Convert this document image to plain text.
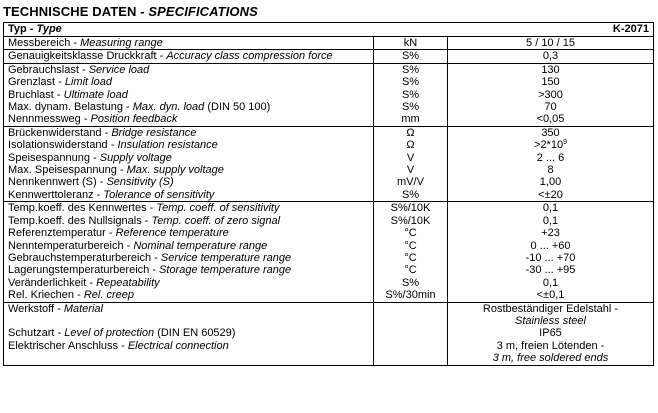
TECHNISCHE DATEN - SPECIFICATIONS
Typ - Type		K-2071
Messbereich - Measuring range	kN	5 / 10 / 15
Genauigkeitsklasse Druckkraft - Accuracy class compression force	S%	0,3
Gebrauchslast - Service load	S%	130
Grenzlast - Limit load	S%	150
Bruchlast - Ultimate load	S%	>300
Max. dynam. Belastung - Max. dyn. load (DIN 50 100)	S%	70
Nennmessweg - Position feedback	mm	<0,05
Brückenwiderstand - Bridge resistance	Ω	350
Isolationswiderstand - Insulation resistance	Ω	$>2*10^9$
Speisespannung - Supply voltage	V	2 ... 6
Max. Speisespannung - Max. supply voltage	V	8
Nennkennwert (S) - Sensitivity (S)	mV/V	1,00
Kennwerttoleranz - Tolerance of sensitivity	S%	<±20
Temp.koeff. des Kennwertes - Temp. coeff. of sensitivity	S%/10K	0,1
Temp.koeff. des Nullsignals - Temp. coeff. of zero signal	S%/10K	0,1
Referenztemperatur - Reference temperature	°C	+23
Nenntemperaturbereich - Nominal temperature range	°C	0 ... +60
Gebrauchstemperaturbereich - Service temperature range	°C	-10 ... +70
Lagerungstemperaturbereich - Storage temperature range	°C	-30 ... +95
Veränderlichkeit - Repeatability	S%	0,1
Rel. Kriechen - Rel. creep	S%/30min	<±0,1
Werkstoff - Material		Rostbeständiger Edelstahl -
		Stainless steel
Schutzart - Level of protection (DIN EN 60529)		IP65
Elektrischer Anschluss - Electrical connection		3 m, freien Lötenden -
		3 m, free soldered ends
